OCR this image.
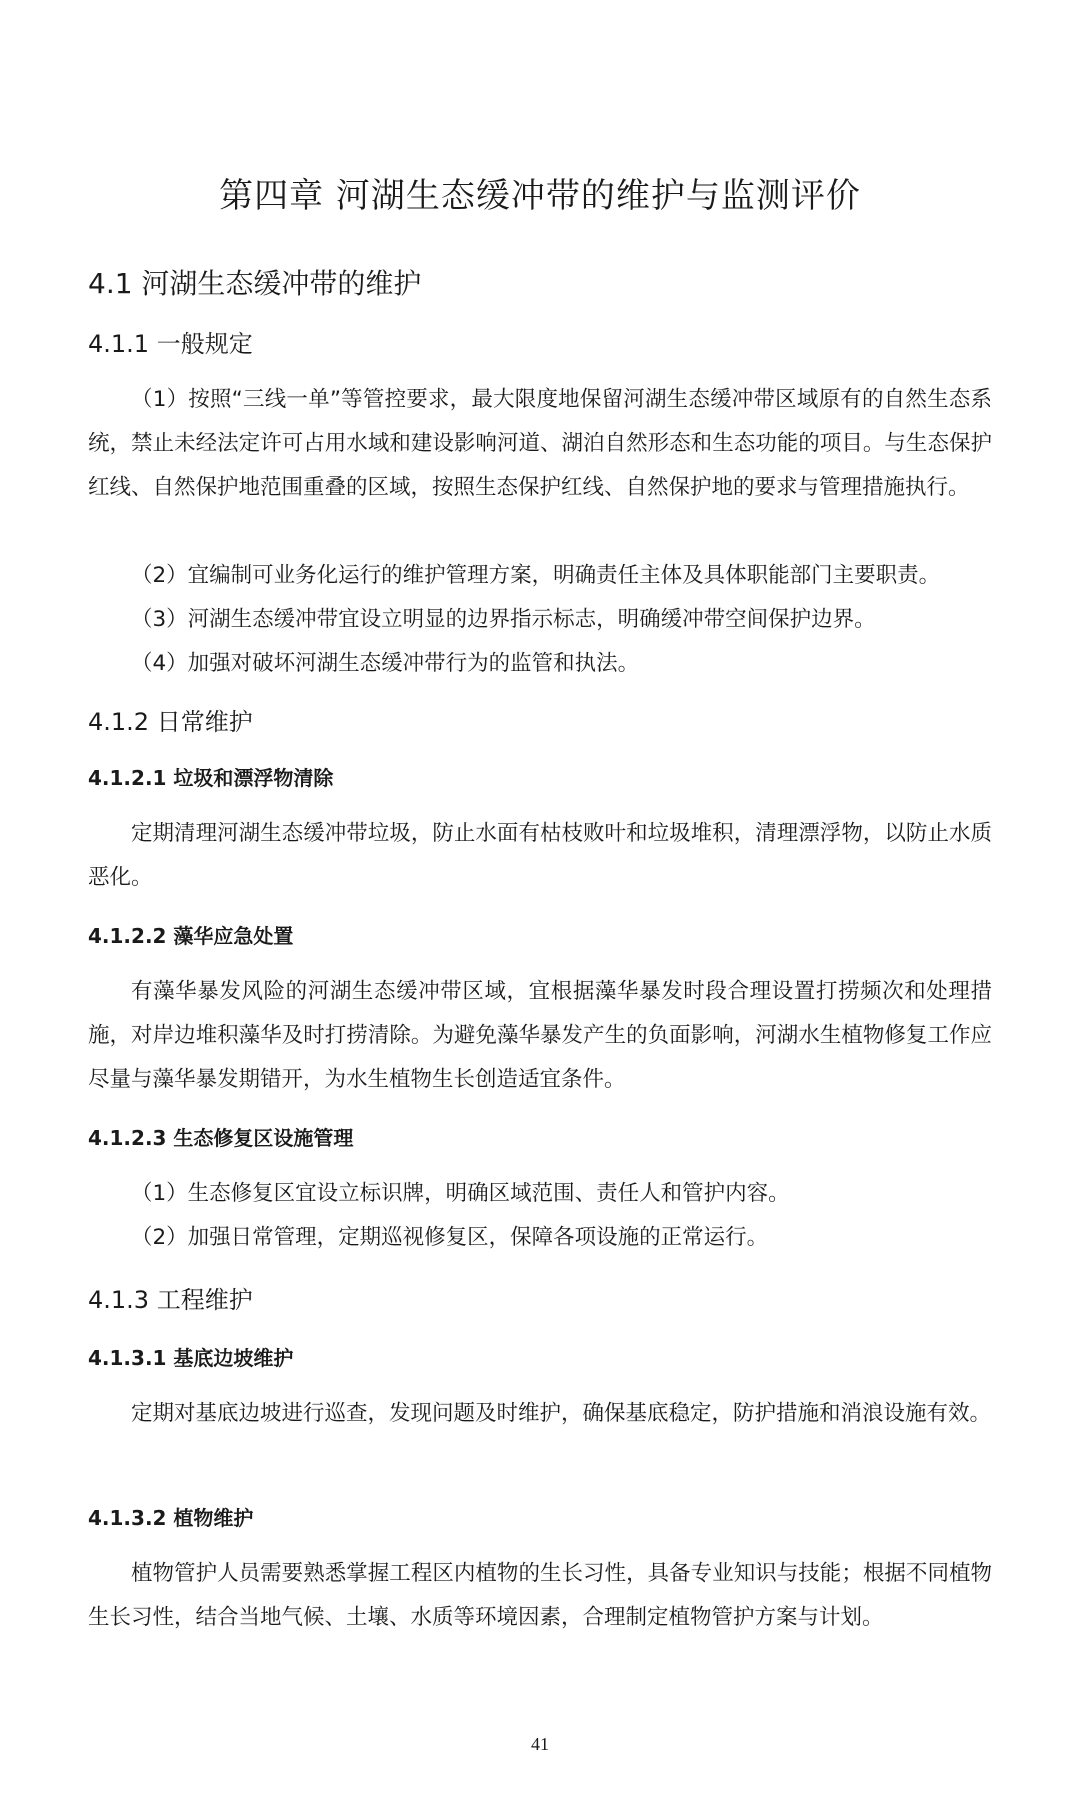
第四章 河湖生态缓冲带的维护与监测评价
4.1 河湖生态缓冲带的维护
4.1.1 一般规定

（1）按照“三线一单”等管控要求，最大限度地保留河湖生态缓冲带区域原有的自然生态系统，禁止未经法定许可占用水域和建设影响河道、湖泊自然形态和生态功能的项目。与生态保护红线、自然保护地范围重叠的区域，按照生态保护红线、自然保护地的要求与管理措施执行。

（2）宜编制可业务化运行的维护管理方案，明确责任主体及具体职能部门主要职责。

（3）河湖生态缓冲带宜设立明显的边界指示标志，明确缓冲带空间保护边界。

（4）加强对破坏河湖生态缓冲带行为的监管和执法。

4.1.2 日常维护
4.1.2.1 垃圾和漂浮物清除

定期清理河湖生态缓冲带垃圾，防止水面有枯枝败叶和垃圾堆积，清理漂浮物，以防止水质恶化。

4.1.2.2 藻华应急处置

有藻华暴发风险的河湖生态缓冲带区域，宜根据藻华暴发时段合理设置打捞频次和处理措施，对岸边堆积藻华及时打捞清除。为避免藻华暴发产生的负面影响，河湖水生植物修复工作应尽量与藻华暴发期错开，为水生植物生长创造适宜条件。

4.1.2.3 生态修复区设施管理

（1）生态修复区宜设立标识牌，明确区域范围、责任人和管护内容。

（2）加强日常管理，定期巡视修复区，保障各项设施的正常运行。

4.1.3 工程维护
4.1.3.1 基底边坡维护

定期对基底边坡进行巡查，发现问题及时维护，确保基底稳定，防护措施和消浪设施有效。

4.1.3.2 植物维护

植物管护人员需要熟悉掌握工程区内植物的生长习性，具备专业知识与技能；根据不同植物生长习性，结合当地气候、土壤、水质等环境因素，合理制定植物管护方案与计划。

41
